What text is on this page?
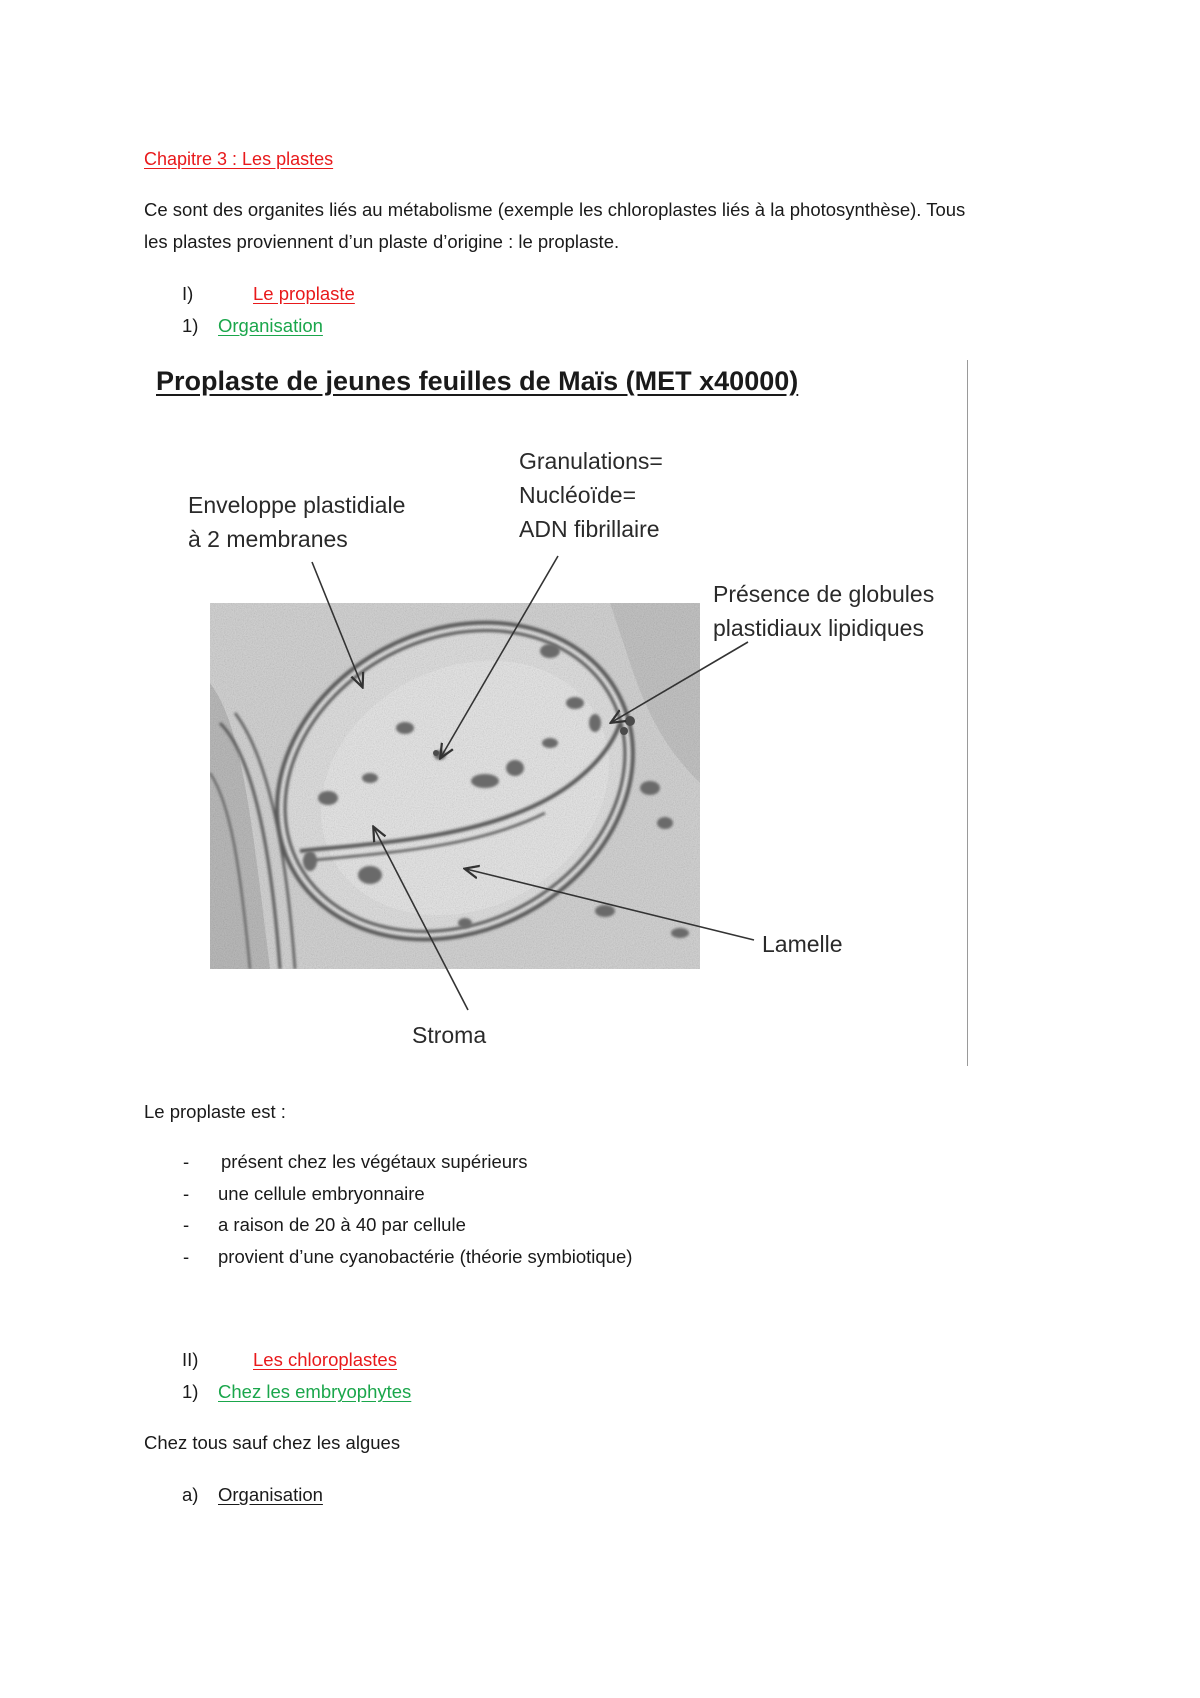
Chapitre 3 : Les plastes
Ce sont des organites liés au métabolisme (exemple les chloroplastes liés à la photosynthèse). Tous
les plastes proviennent d’un plaste d’origine : le proplaste.
I)	Le proplaste
1) Organisation
Proplaste de jeunes feuilles de Maïs (MET x40000)
Enveloppe plastidiale
à 2 membranes
Granulations=
Nucléoïde=
ADN fibrillaire
Présence de globules
plastidiaux lipidiques
Lamelle
Stroma
Le proplaste est :
- présent chez les végétaux supérieurs
- une cellule embryonnaire
- a raison de 20 à 40 par cellule
- provient d’une cyanobactérie (théorie symbiotique)
II)	Les chloroplastes
1) Chez les embryophytes
Chez tous sauf chez les algues
a) Organisation
